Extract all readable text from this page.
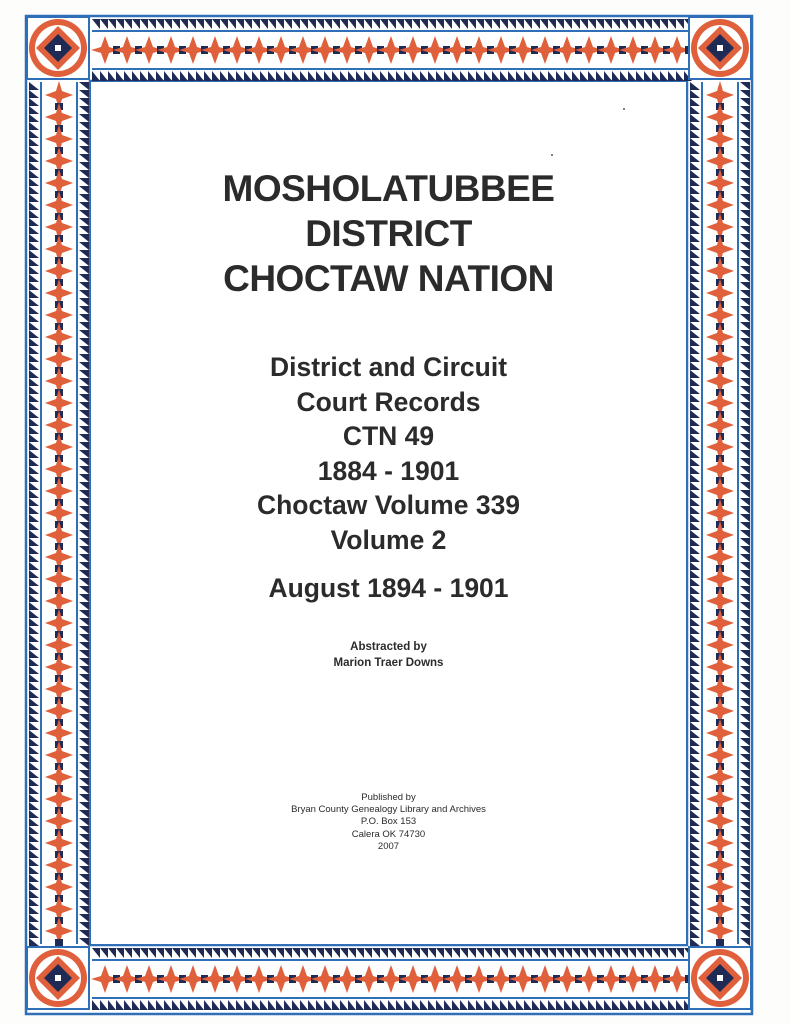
MOSHOLATUBBEE
DISTRICT
CHOCTAW NATION
District and Circuit
Court Records
CTN 49
1884 - 1901
Choctaw Volume 339
Volume 2
August 1894 - 1901
Abstracted by
Marion Traer Downs
Published by
Bryan County Genealogy Library and Archives
P.O. Box 153
Calera OK 74730
2007
